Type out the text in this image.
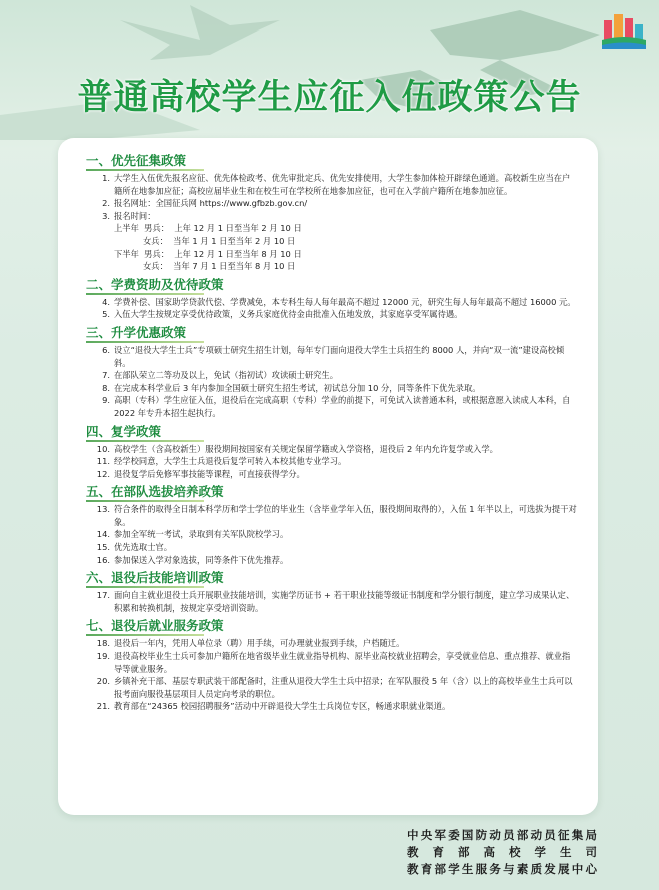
普通高校学生应征入伍政策公告
一、优先征集政策
1. 大学生入伍优先报名应征、优先体检政考、优先审批定兵、优先安排使用，大学生参加体检开辟绿色通道。高校新生应当在户籍所在地参加应征；高校应届毕业生和在校生可在学校所在地参加应征，也可在入学前户籍所在地参加应征。
2. 报名网址：全国征兵网 https://www.gfbzb.gov.cn/
3. 报名时间：
上半年  男兵：  上年 12 月 1 日至当年 2 月 10 日
女兵：  当年 1 月 1 日至当年 2 月 10 日
下半年  男兵：  上年 12 月 1 日至当年 8 月 10 日
女兵：  当年 7 月 1 日至当年 8 月 10 日
二、学费资助及优待政策
4. 学费补偿、国家助学贷款代偿、学费减免，本专科生每人每年最高不超过 12000 元，研究生每人每年最高不超过 16000 元。
5. 入伍大学生按规定享受优待政策，义务兵家庭优待金由批准入伍地发放，其家庭享受军属待遇。
三、升学优惠政策
6. 设立“退役大学生士兵”专项硕士研究生招生计划，每年专门面向退役大学生士兵招生约 8000 人，并向“双一流”建设高校倾斜。
7. 在部队荣立二等功及以上，免试（指初试）攻读硕士研究生。
8. 在完成本科学业后 3 年内参加全国硕士研究生招生考试，初试总分加 10 分，同等条件下优先录取。
9. 高职（专科）学生应征入伍，退役后在完成高职（专科）学业的前提下，可免试入读普通本科，或根据意愿入读成人本科，自 2022 年专升本招生起执行。
四、复学政策
10. 高校学生（含高校新生）服役期间按国家有关规定保留学籍或入学资格，退役后 2 年内允许复学或入学。
11. 经学校同意，大学生士兵退役后复学可转入本校其他专业学习。
12. 退役复学后免修军事技能等课程，可直接获得学分。
五、在部队选拔培养政策
13. 符合条件的取得全日制本科学历和学士学位的毕业生（含毕业学年入伍，服役期间取得的），入伍 1 年半以上，可选拔为提干对象。
14. 参加全军统一考试，录取到有关军队院校学习。
15. 优先选取士官。
16. 参加保送入学对象选拔，同等条件下优先推荐。
六、退役后技能培训政策
17. 面向自主就业退役士兵开展职业技能培训，实施学历证书 + 若干职业技能等级证书制度和学分银行制度，建立学习成果认定、积累和转换机制，按规定享受培训资助。
七、退役后就业服务政策
18. 退役后一年内，凭用人单位录（聘）用手续，可办理就业报到手续，户档随迁。
19. 退役高校毕业生士兵可参加户籍所在地省级毕业生就业指导机构、原毕业高校就业招聘会，享受就业信息、重点推荐、就业指导等就业服务。
20. 乡镇补充干部、基层专职武装干部配备时，注重从退役大学生士兵中招录；在军队服役 5 年（含）以上的高校毕业生士兵可以报考面向服役基层项目人员定向考录的职位。
21. 教育部在“24365 校园招聘服务”活动中开辟退役大学生士兵岗位专区，畅通求职就业渠道。
中央军委国防动员部动员征集局
教育部高校学生司
教育部学生服务与素质发展中心
